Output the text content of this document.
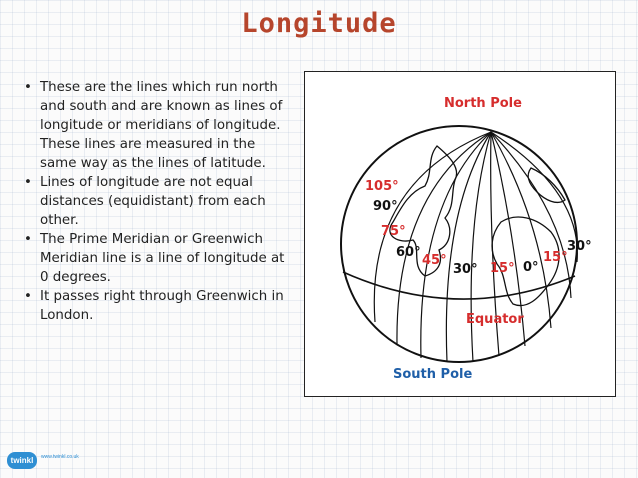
Longitude
• These are the lines which run north and south and are known as lines of longitude or meridians of longitude. These lines are measured in the same way as the lines of latitude.
• Lines of longitude are not equal distances (equidistant) from each other.
• The Prime Meridian or Greenwich Meridian line is a line of longitude at 0 degrees.
• It passes right through Greenwich in London.
North Pole
Equator
South Pole
105°
90°
75°
60°
45°
30° 15° 0°
15°
30°
twinkl	www.twinkl.co.uk
